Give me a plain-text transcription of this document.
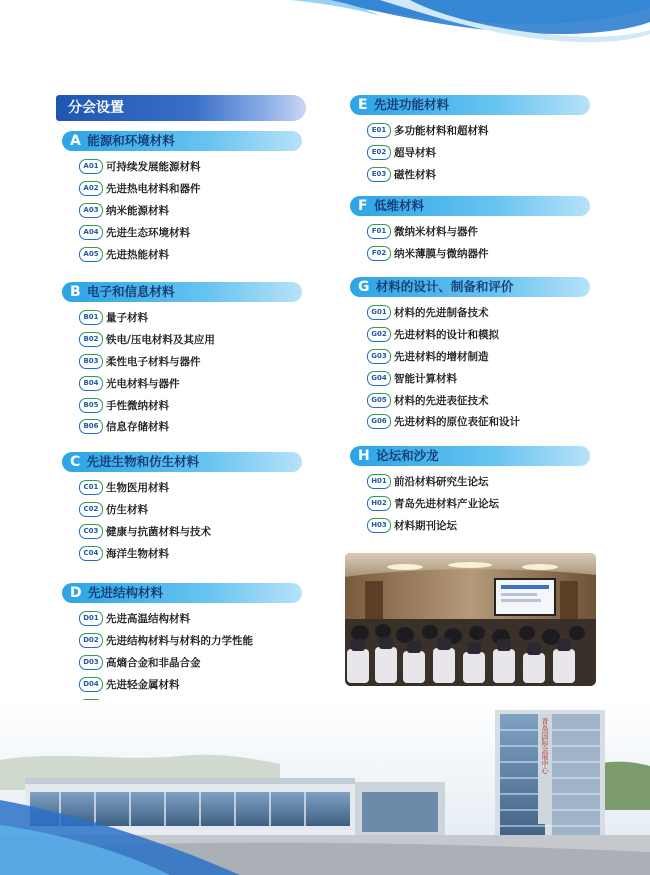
分会设置
A 能源和环境材料
A01 可持续发展能源材料
A02 先进热电材料和器件
A03 纳米能源材料
A04 先进生态环境材料
A05 先进热能材料
B 电子和信息材料
B01 量子材料
B02 铁电/压电材料及其应用
B03 柔性电子材料与器件
B04 光电材料与器件
B05 手性微纳材料
B06 信息存储材料
C 先进生物和仿生材料
C01 生物医用材料
C02 仿生材料
C03 健康与抗菌材料与技术
C04 海洋生物材料
D 先进结构材料
D01 先进高温结构材料
D02 先进结构材料与材料的力学性能
D03 高熵合金和非晶合金
D04 先进轻金属材料
E 先进功能材料
E01 多功能材料和超材料
E02 超导材料
E03 磁性材料
F 低维材料
F01 微纳米材料与器件
F02 纳米薄膜与微纳器件
G 材料的设计、制备和评价
G01 材料的先进制备技术
G02 先进材料的设计和模拟
G03 先进材料的增材制造
G04 智能计算材料
G05 材料的先进表征技术
G06 先进材料的原位表征和设计
H 论坛和沙龙
H01 前沿材料研究生论坛
H02 青岛先进材料产业论坛
H03 材料期刊论坛
青岛国际会展中心
